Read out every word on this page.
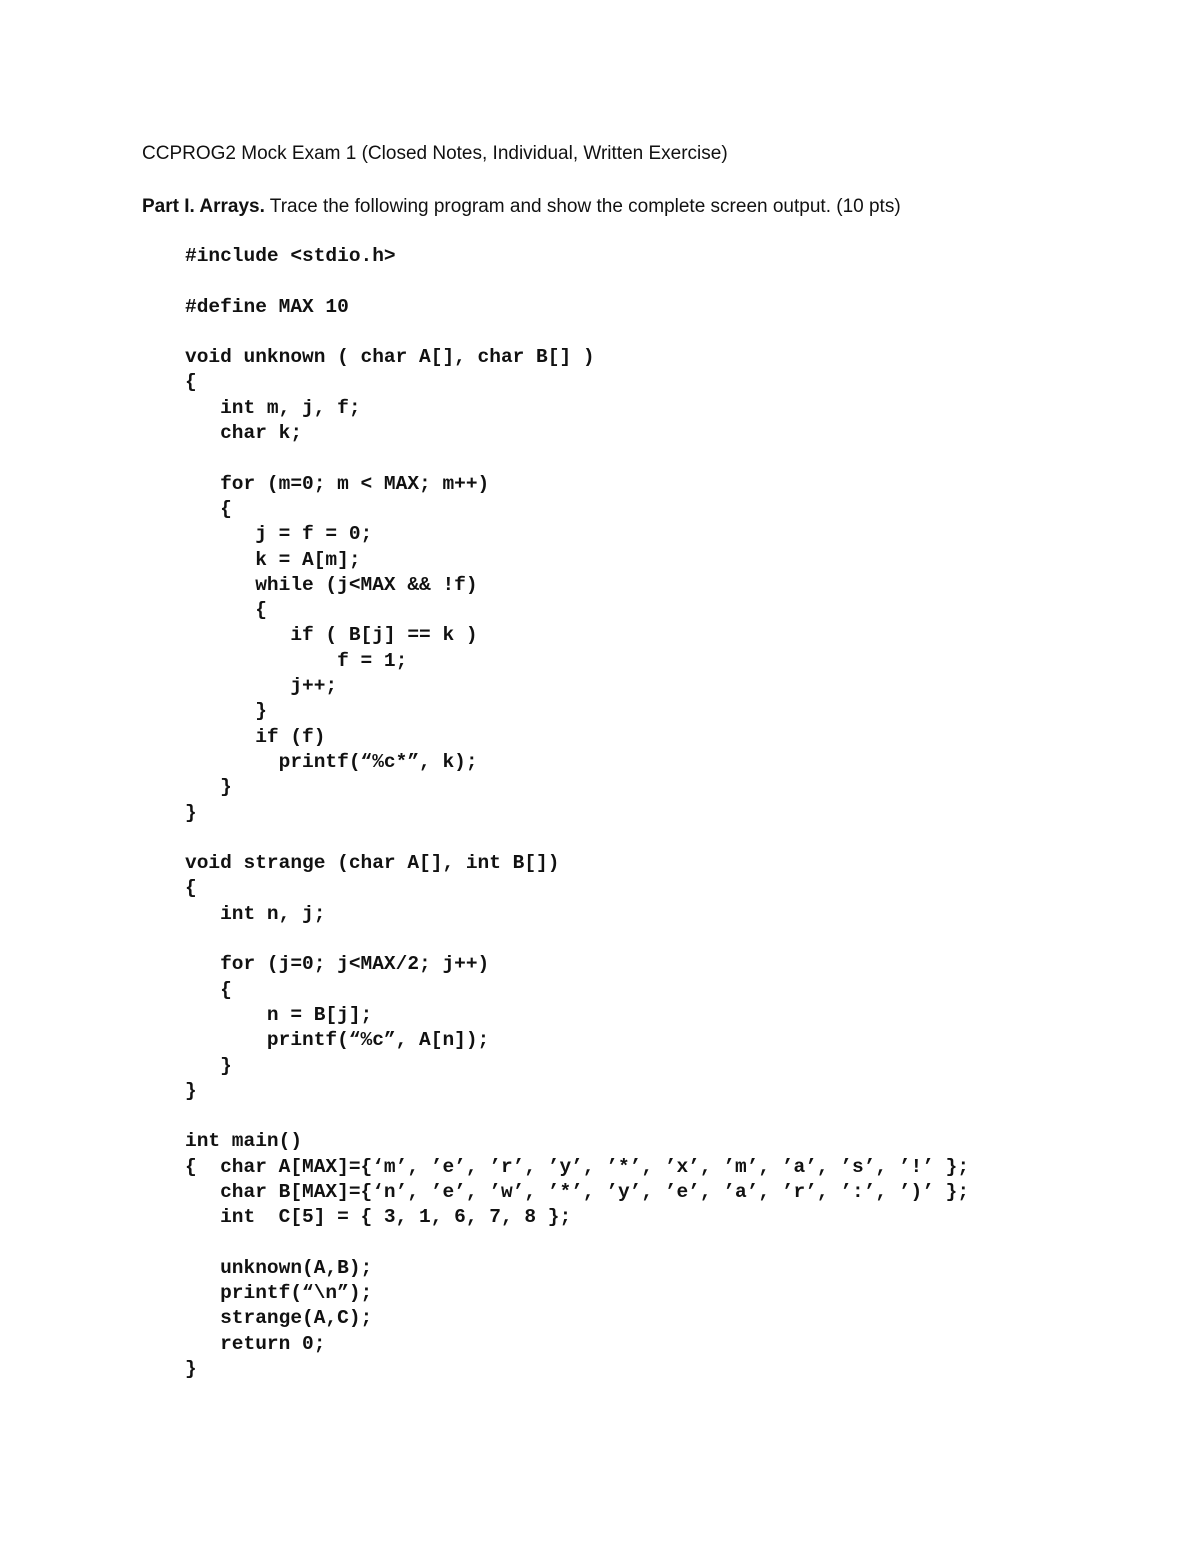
CCPROG2 Mock Exam 1 (Closed Notes, Individual, Written Exercise)
Part I. Arrays. Trace the following program and show the complete screen output. (10 pts)
#include <stdio.h>
#define MAX 10
void unknown ( char A[], char B[] )
{
int m, j, f;
char k;
for (m=0; m < MAX; m++)
{
j = f = 0;
k = A[m];
while (j<MAX && !f)
{
if ( B[j] == k )
f = 1;
j++;
}
if (f)
printf(“%c*”, k);
}
}
void strange (char A[], int B[])
{
int n, j;
for (j=0; j<MAX/2; j++)
{
n = B[j];
printf(“%c”, A[n]);
}
}
int main()
{  char A[MAX]={‘m’, ’e’, ’r’, ’y’, ’*’, ’x’, ’m’, ’a’, ’s’, ’!’ };
char B[MAX]={‘n’, ’e’, ’w’, ’*’, ’y’, ’e’, ’a’, ’r’, ’:’, ’)’ };
int  C[5] = { 3, 1, 6, 7, 8 };
unknown(A,B);
printf(“\n”);
strange(A,C);
return 0;
}
